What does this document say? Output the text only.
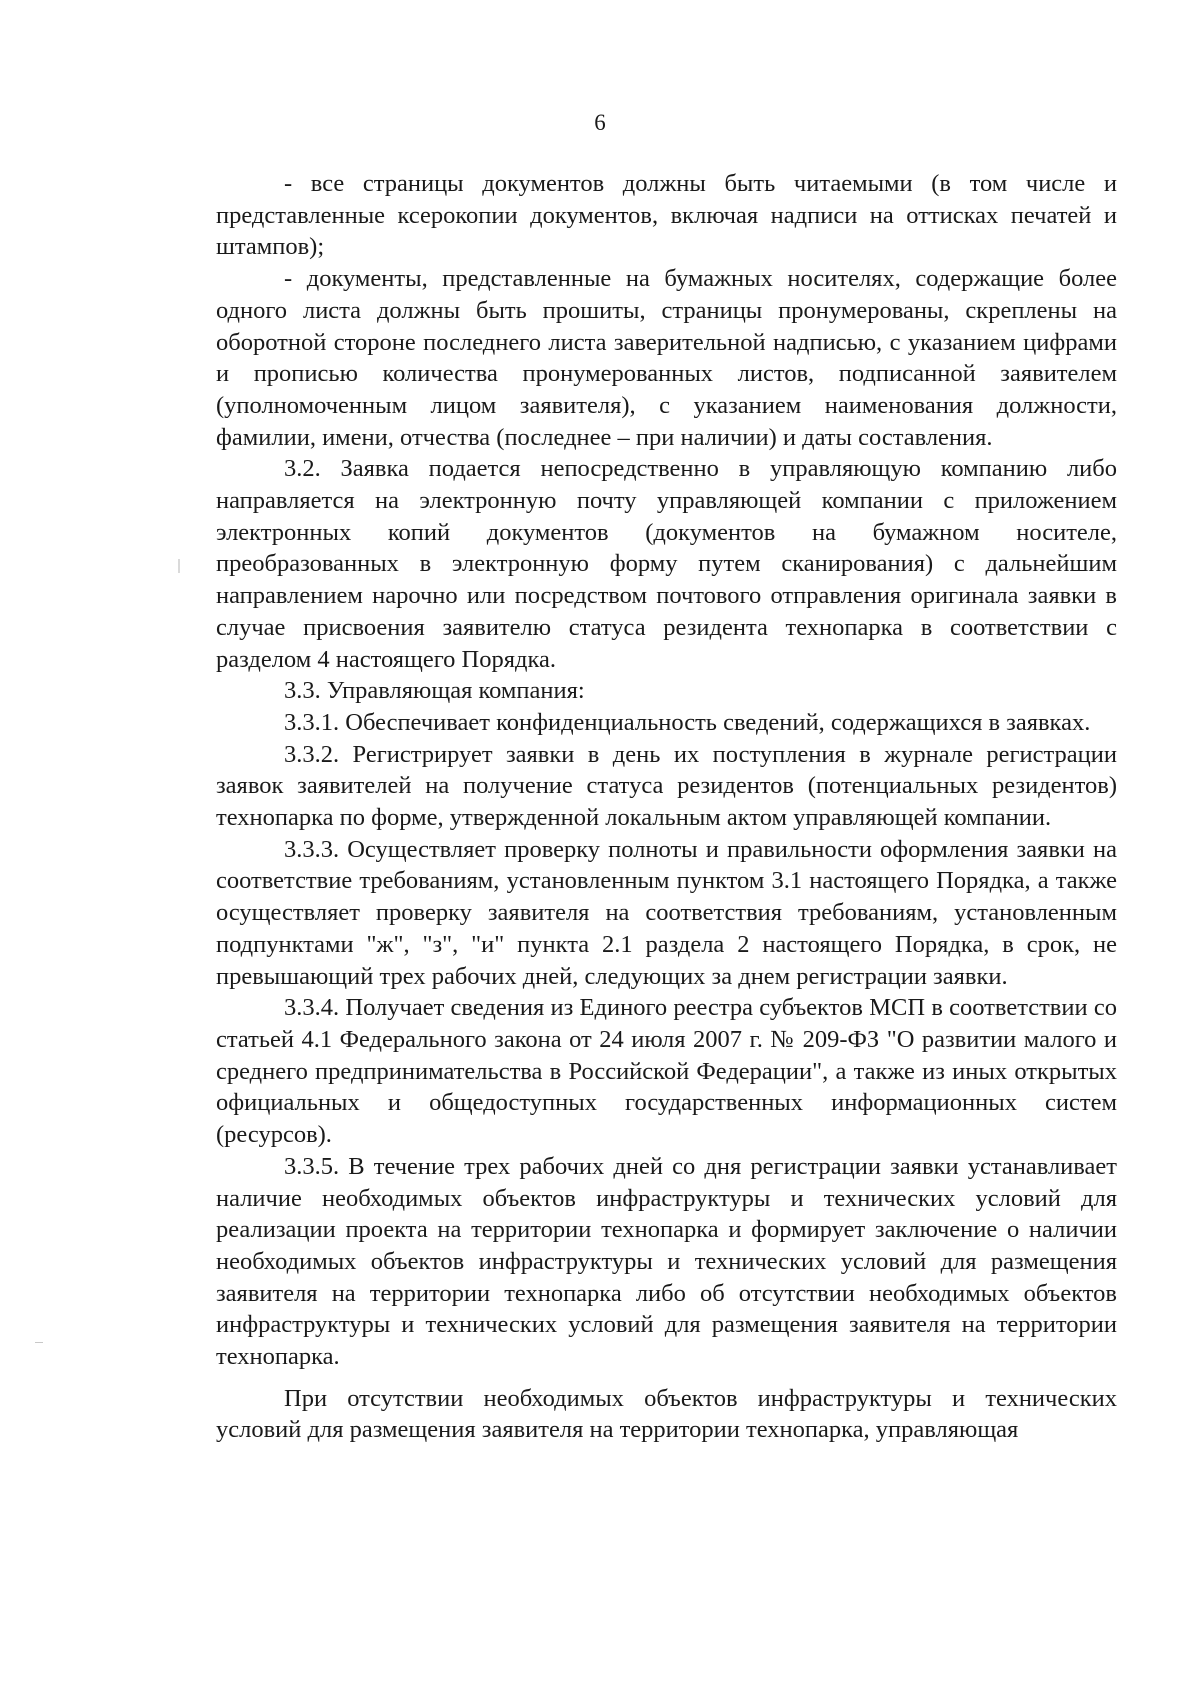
6

- все страницы документов должны быть читаемыми (в том числе и представленные ксерокопии документов, включая надписи на оттисках печатей и штампов);

- документы, представленные на бумажных носителях, содержащие более одного листа должны быть прошиты, страницы пронумерованы, скреплены на оборотной стороне последнего листа заверительной надписью, с указанием цифрами и прописью количества пронумерованных листов, подписанной заявителем (уполномоченным лицом заявителя), с указанием наименования должности, фамилии, имени, отчества (последнее – при наличии) и даты составления.

3.2. Заявка подается непосредственно в управляющую компанию либо направляется на электронную почту управляющей компании с приложением электронных копий документов (документов на бумажном носителе, преобразованных в электронную форму путем сканирования) с дальнейшим направлением нарочно или посредством почтового отправления оригинала заявки в случае присвоения заявителю статуса резидента технопарка в соответствии с разделом 4 настоящего Порядка.

3.3. Управляющая компания:

3.3.1. Обеспечивает конфиденциальность сведений, содержащихся в заявках.

3.3.2. Регистрирует заявки в день их поступления в журнале регистрации заявок заявителей на получение статуса резидентов (потенциальных резидентов) технопарка по форме, утвержденной локальным актом управляющей компании.

3.3.3. Осуществляет проверку полноты и правильности оформления заявки на соответствие требованиям, установленным пунктом 3.1 настоящего Порядка, а также осуществляет проверку заявителя на соответствия требованиям, установленным подпунктами "ж", "з", "и" пункта 2.1 раздела 2 настоящего Порядка, в срок, не превышающий трех рабочих дней, следующих за днем регистрации заявки.

3.3.4. Получает сведения из Единого реестра субъектов МСП в соответствии со статьей 4.1 Федерального закона от 24 июля 2007 г. № 209-ФЗ "О развитии малого и среднего предпринимательства в Российской Федерации", а также из иных открытых официальных и общедоступных государственных информационных систем (ресурсов).

3.3.5. В течение трех рабочих дней со дня регистрации заявки устанавливает наличие необходимых объектов инфраструктуры и технических условий для реализации проекта на территории технопарка и формирует заключение о наличии необходимых объектов инфраструктуры и технических условий для размещения заявителя на территории технопарка либо об отсутствии необходимых объектов инфраструктуры и технических условий для размещения заявителя на территории технопарка.

При отсутствии необходимых объектов инфраструктуры и технических условий для размещения заявителя на территории технопарка, управляющая
